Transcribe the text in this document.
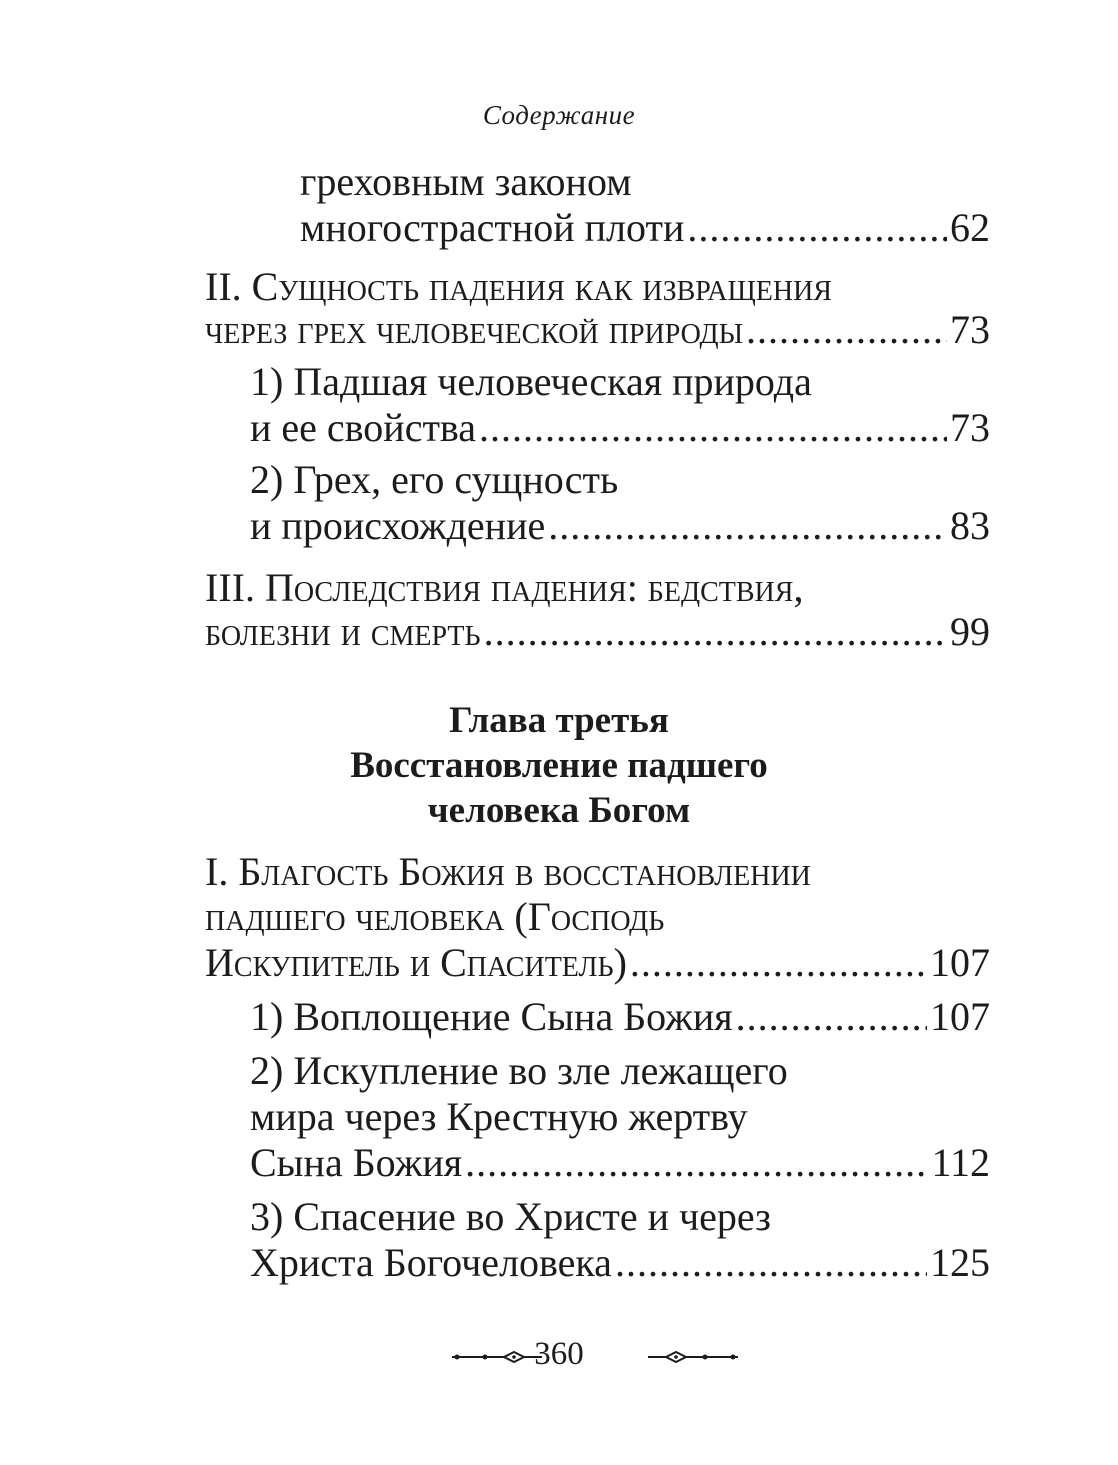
Содержание
греховным законом
многострастной плоти .....	62
II. Сущность падения как извращения
через грех человеческой природы .....	73
1) Падшая человеческая природа
и ее свойства .....	73
2) Грех, его сущность
и происхождение .....	83
III. Последствия падения: бедствия,
болезни и смерть .....	99
Глава третья
Восстановление падшего
человека Богом
I. Благость Божия в восстановлении
падшего человека (Господь
Искупитель и Спаситель) .....	107
1) Воплощение Сына Божия .....	107
2) Искупление во зле лежащего
мира через Крестную жертву
Сына Божия .....	112
3) Спасение во Христе и через
Христа Богочеловека .....	125
360
